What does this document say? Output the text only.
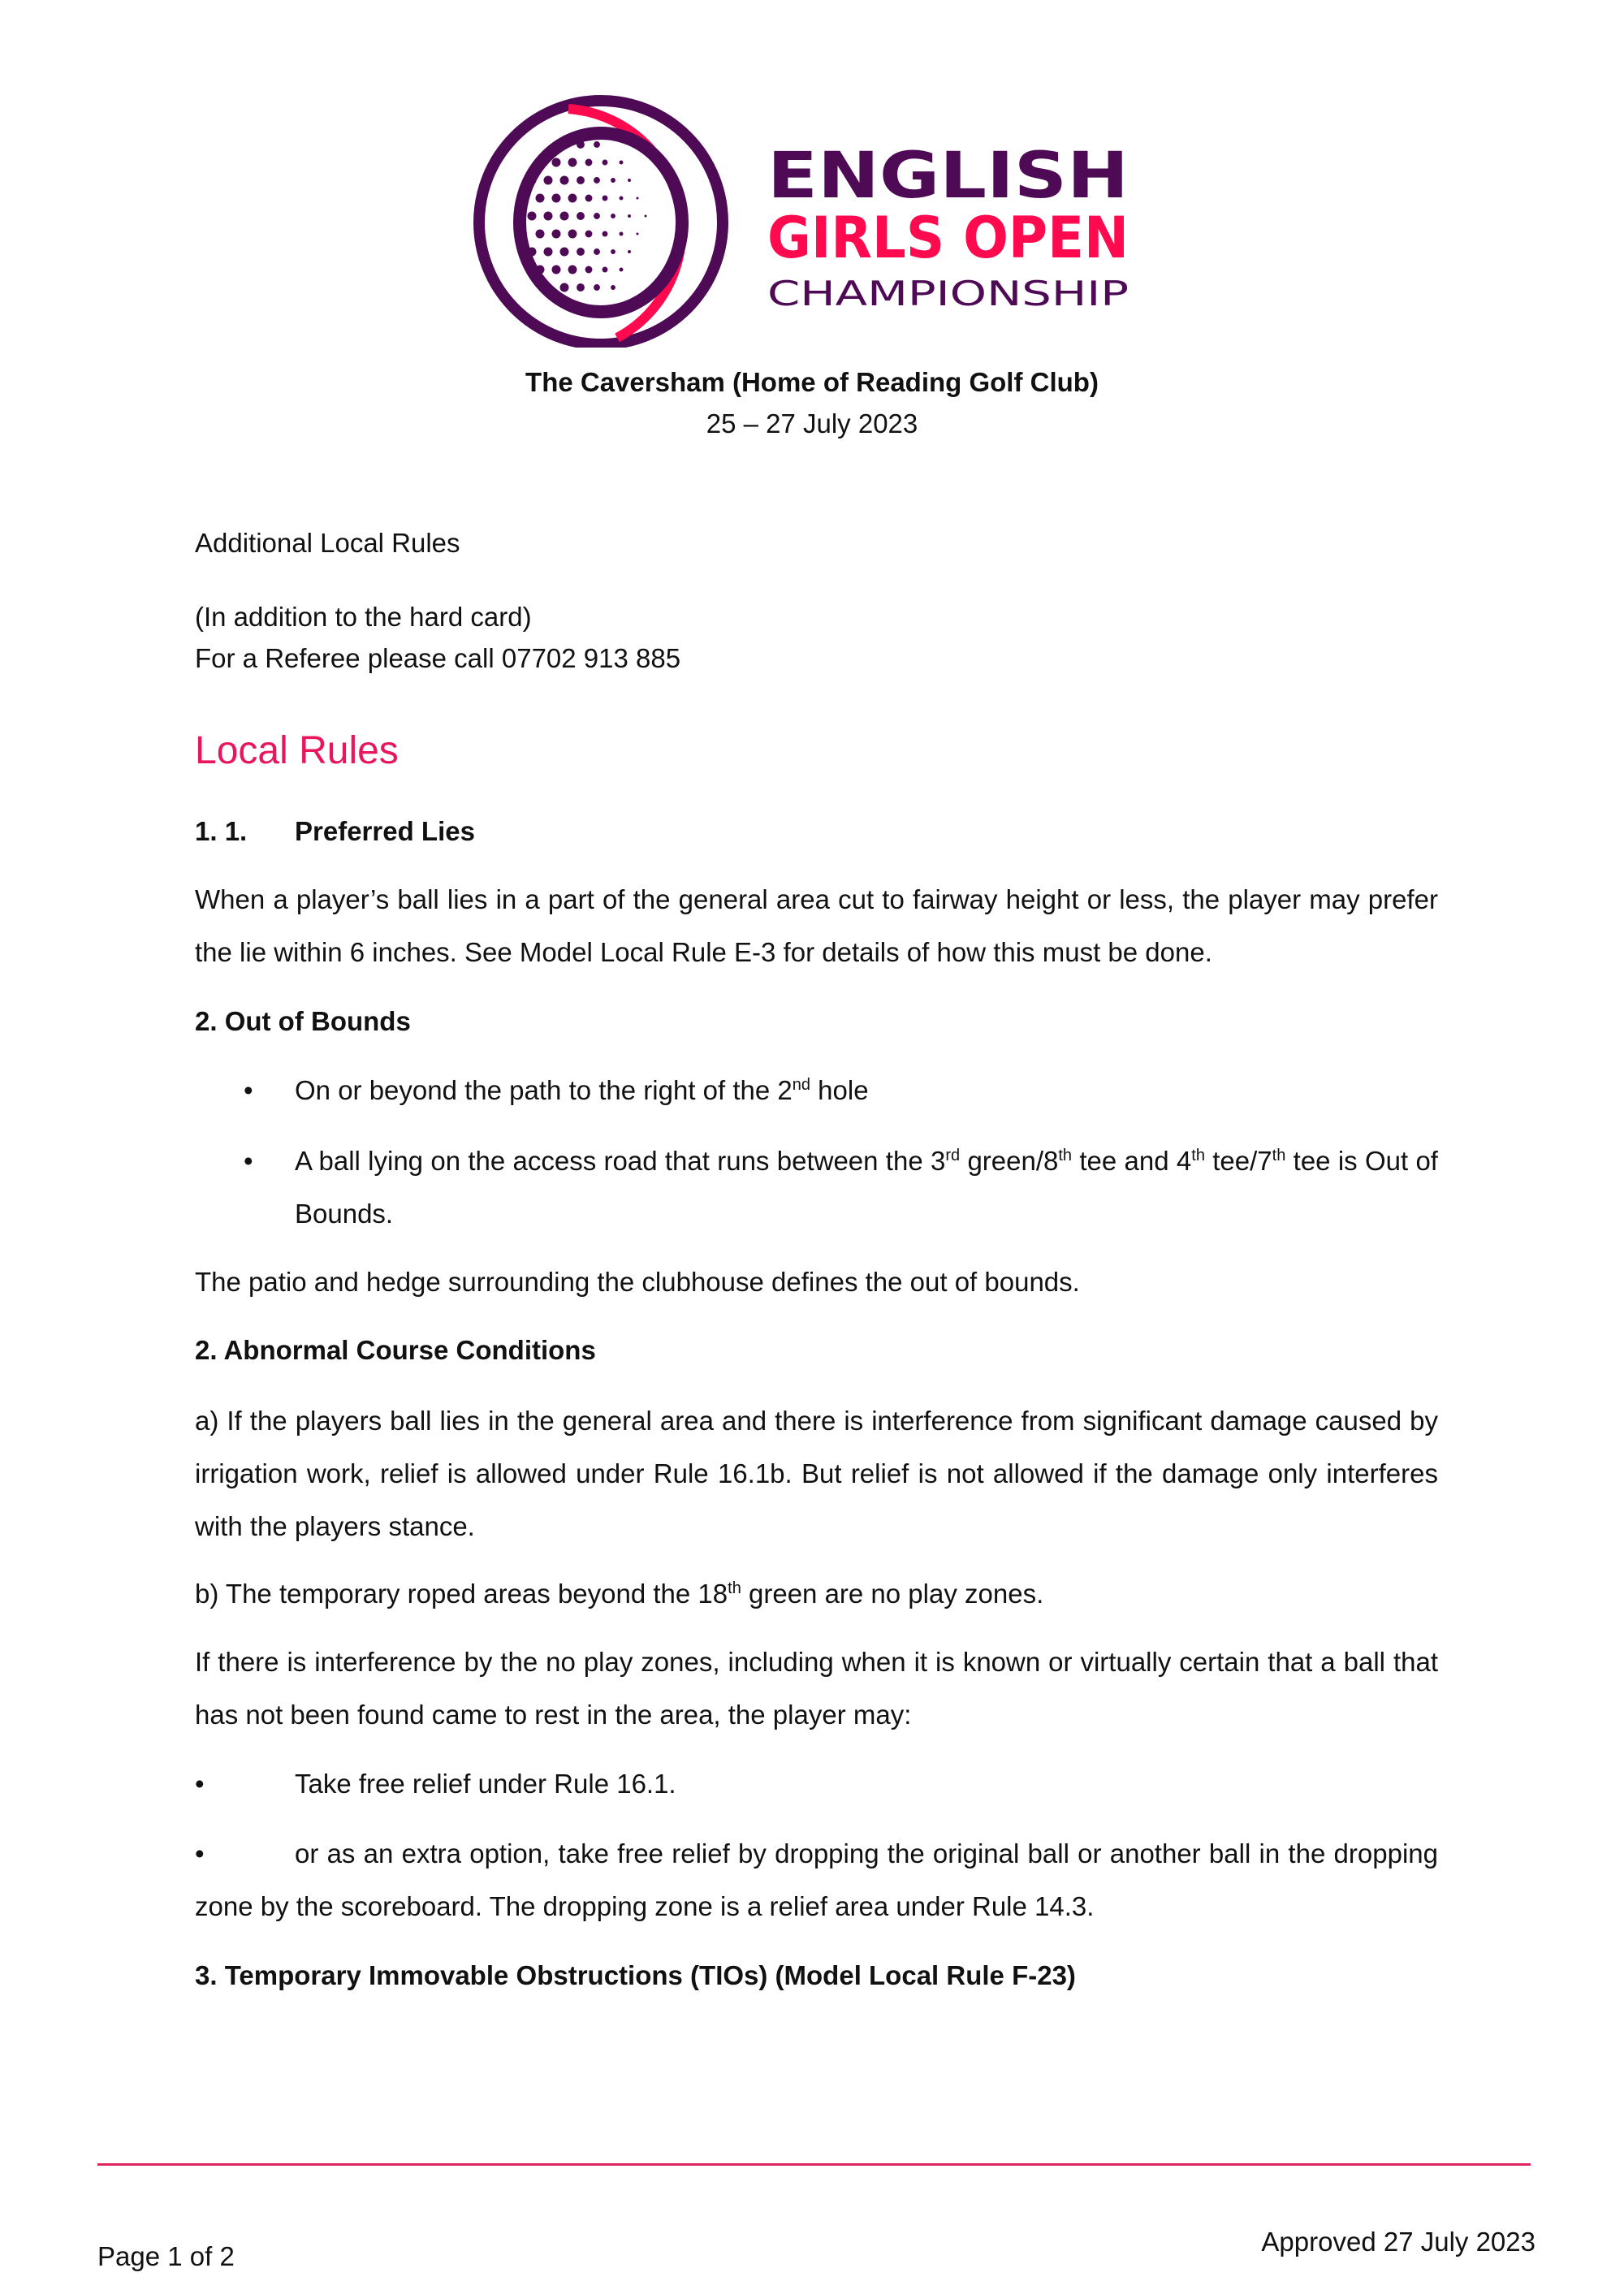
ENGLISH
GIRLS OPEN
CHAMPIONSHIP
The Caversham (Home of Reading Golf Club)
25 – 27 July 2023
Additional Local Rules
(In addition to the hard card)
For a Referee please call 07702 913 885
Local Rules
1. 1. Preferred Lies
When a player’s ball lies in a part of the general area cut to fairway height or less, the player may prefer the lie within 6 inches. See Model Local Rule E-3 for details of how this must be done.
2. Out of Bounds
• On or beyond the path to the right of the 2nd hole
• A ball lying on the access road that runs between the 3rd green/8th tee and 4th tee/7th tee is Out of Bounds.
The patio and hedge surrounding the clubhouse defines the out of bounds.
2. Abnormal Course Conditions
a) If the players ball lies in the general area and there is interference from significant damage caused by irrigation work, relief is allowed under Rule 16.1b. But relief is not allowed if the damage only interferes with the players stance.
b) The temporary roped areas beyond the 18th green are no play zones.
If there is interference by the no play zones, including when it is known or virtually certain that a ball that has not been found came to rest in the area, the player may:
•	Take free relief under Rule 16.1.
•	or as an extra option, take free relief by dropping the original ball or another ball in the dropping zone by the scoreboard. The dropping zone is a relief area under Rule 14.3.
3. Temporary Immovable Obstructions (TIOs) (Model Local Rule F-23)
Page 1 of 2	Approved 27 July 2023
